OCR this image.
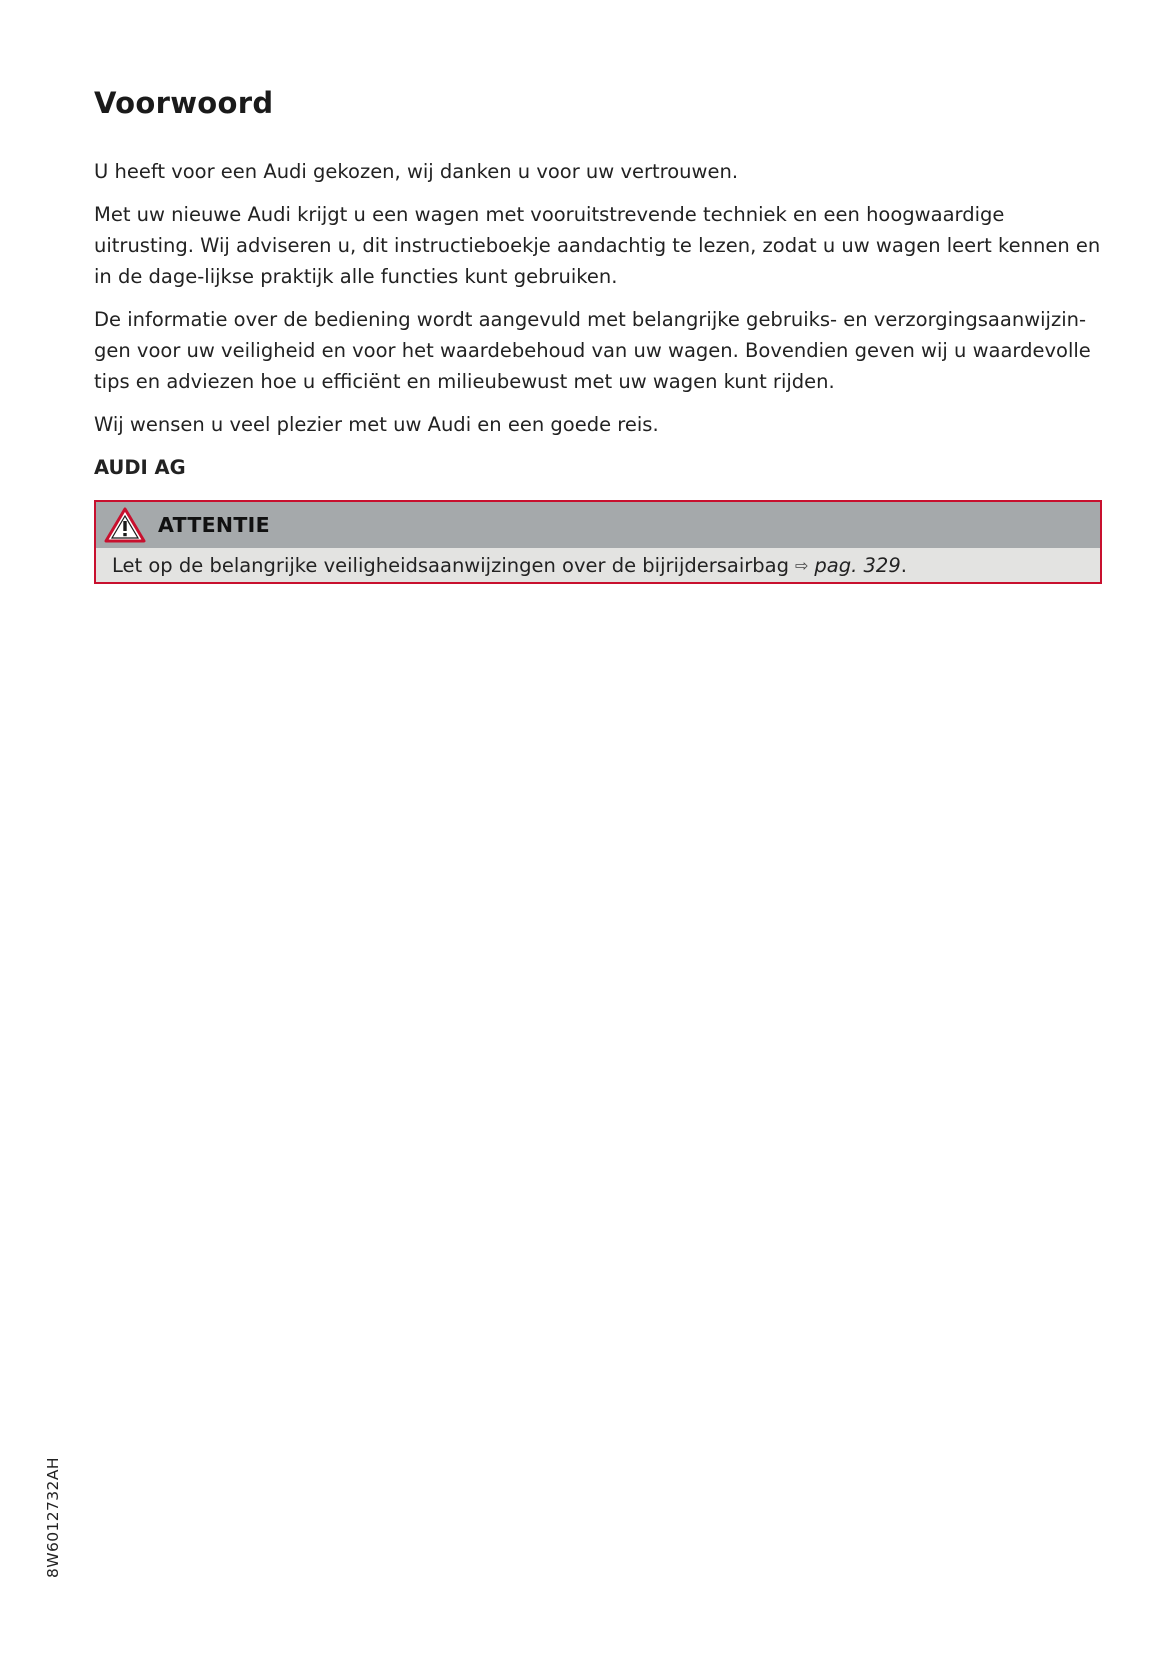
Voorwoord

U heeft voor een Audi gekozen, wij danken u voor uw vertrouwen.

Met uw nieuwe Audi krijgt u een wagen met vooruitstrevende techniek en een hoogwaardige uitrusting. Wij adviseren u, dit instructieboekje aandachtig te lezen, zodat u uw wagen leert kennen en in de dage-lijkse praktijk alle functies kunt gebruiken.

De informatie over de bediening wordt aangevuld met belangrijke gebruiks- en verzorgingsaanwijzin-gen voor uw veiligheid en voor het waardebehoud van uw wagen. Bovendien geven wij u waardevolle tips en adviezen hoe u efficiënt en milieubewust met uw wagen kunt rijden.

Wij wensen u veel plezier met uw Audi en een goede reis.

AUDI AG

ATTENTIE
Let op de belangrijke veiligheidsaanwijzingen over de bijrijdersairbag ⇨ pag. 329 .
8W6012732AH
